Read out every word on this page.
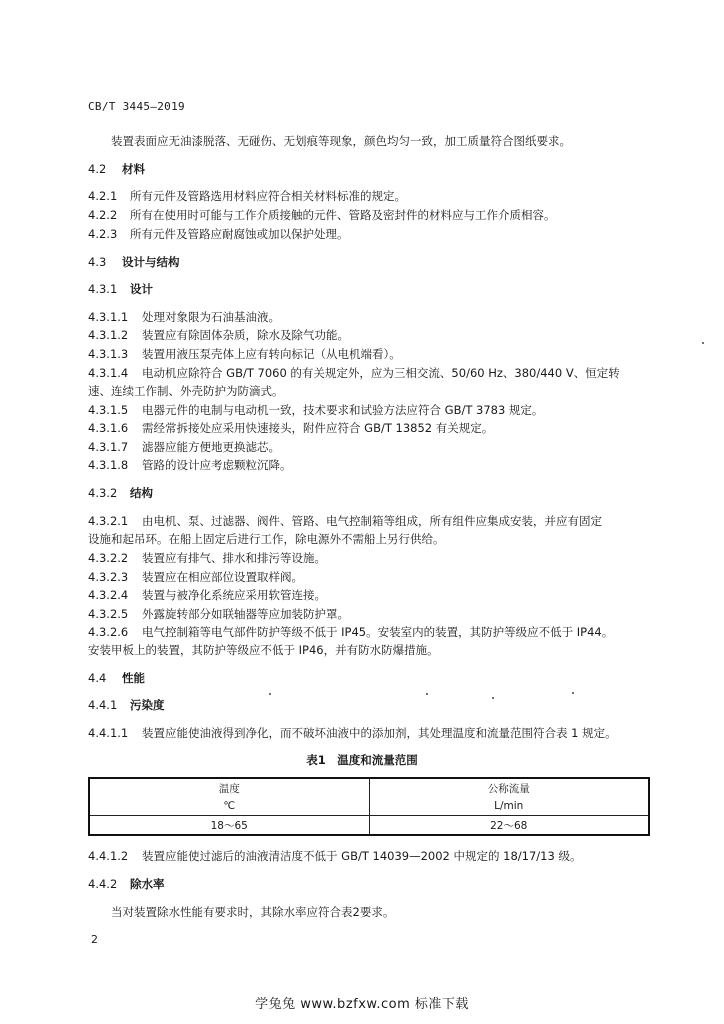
CB/T 3445—2019
装置表面应无油漆脱落、无碰伤、无划痕等现象，颜色均匀一致，加工质量符合图纸要求。
4.2 材料
4.2.1 所有元件及管路选用材料应符合相关材料标准的规定。
4.2.2 所有在使用时可能与工作介质接触的元件、管路及密封件的材料应与工作介质相容。
4.2.3 所有元件及管路应耐腐蚀或加以保护处理。
4.3 设计与结构
4.3.1 设计
4.3.1.1 处理对象限为石油基油液。
4.3.1.2 装置应有除固体杂质，除水及除气功能。
4.3.1.3 装置用液压泵壳体上应有转向标记（从电机端看）。
4.3.1.4 电动机应除符合 GB/T 7060 的有关规定外，应为三相交流、50/60 Hz、380/440 V、恒定转
速、连续工作制、外壳防护为防滴式。
4.3.1.5 电器元件的电制与电动机一致，技术要求和试验方法应符合 GB/T 3783 规定。
4.3.1.6 需经常拆接处应采用快速接头，附件应符合 GB/T 13852 有关规定。
4.3.1.7 滤器应能方便地更换滤芯。
4.3.1.8 管路的设计应考虑颗粒沉降。
4.3.2 结构
4.3.2.1 由电机、泵、过滤器、阀件、管路、电气控制箱等组成，所有组件应集成安装，并应有固定
设施和起吊环。在船上固定后进行工作，除电源外不需船上另行供给。
4.3.2.2 装置应有排气、排水和排污等设施。
4.3.2.3 装置应在相应部位设置取样阀。
4.3.2.4 装置与被净化系统应采用软管连接。
4.3.2.5 外露旋转部分如联轴器等应加装防护罩。
4.3.2.6 电气控制箱等电气部件防护等级不低于 IP45。安装室内的装置，其防护等级应不低于 IP44。
安装甲板上的装置，其防护等级应不低于 IP46，并有防水防爆措施。
4.4 性能
4.4.1 污染度
4.4.1.1 装置应能使油液得到净化，而不破坏油液中的添加剂，其处理温度和流量范围符合表 1 规定。
表1　温度和流量范围
温度	公称流量
℃	L/min
18～65	22～68
4.4.1.2 装置应能使过滤后的油液清洁度不低于 GB/T 14039—2002 中规定的 18/17/13 级。
4.4.2 除水率
当对装置除水性能有要求时，其除水率应符合表2要求。
2
学兔兔 www.bzfxw.com 标准下载
